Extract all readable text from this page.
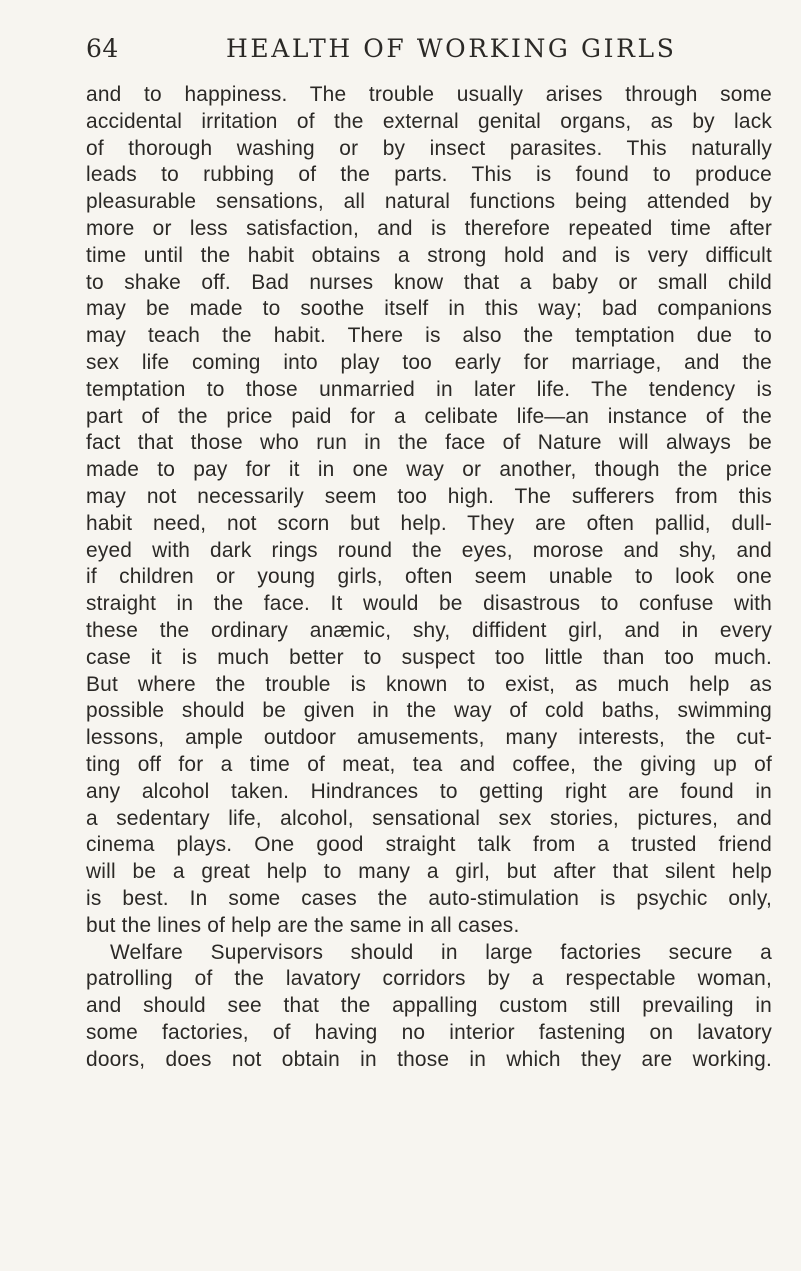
64	HEALTH OF WORKING GIRLS
and to happiness. The trouble usually arises through some
accidental irritation of the external genital organs, as by lack
of thorough washing or by insect parasites. This naturally
leads to rubbing of the parts. This is found to produce
pleasurable sensations, all natural functions being attended by
more or less satisfaction, and is therefore repeated time after
time until the habit obtains a strong hold and is very difficult
to shake off. Bad nurses know that a baby or small child
may be made to soothe itself in this way; bad companions
may teach the habit. There is also the temptation due to
sex life coming into play too early for marriage, and the
temptation to those unmarried in later life. The tendency is
part of the price paid for a celibate life—an instance of the
fact that those who run in the face of Nature will always be
made to pay for it in one way or another, though the price
may not necessarily seem too high. The sufferers from this
habit need, not scorn but help. They are often pallid, dull-
eyed with dark rings round the eyes, morose and shy, and
if children or young girls, often seem unable to look one
straight in the face. It would be disastrous to confuse with
these the ordinary anæmic, shy, diffident girl, and in every
case it is much better to suspect too little than too much.
But where the trouble is known to exist, as much help as
possible should be given in the way of cold baths, swimming
lessons, ample outdoor amusements, many interests, the cut-
ting off for a time of meat, tea and coffee, the giving up of
any alcohol taken. Hindrances to getting right are found in
a sedentary life, alcohol, sensational sex stories, pictures, and
cinema plays. One good straight talk from a trusted friend
will be a great help to many a girl, but after that silent help
is best. In some cases the auto-stimulation is psychic only,
but the lines of help are the same in all cases.
Welfare Supervisors should in large factories secure a
patrolling of the lavatory corridors by a respectable woman,
and should see that the appalling custom still prevailing in
some factories, of having no interior fastening on lavatory
doors, does not obtain in those in which they are working.
